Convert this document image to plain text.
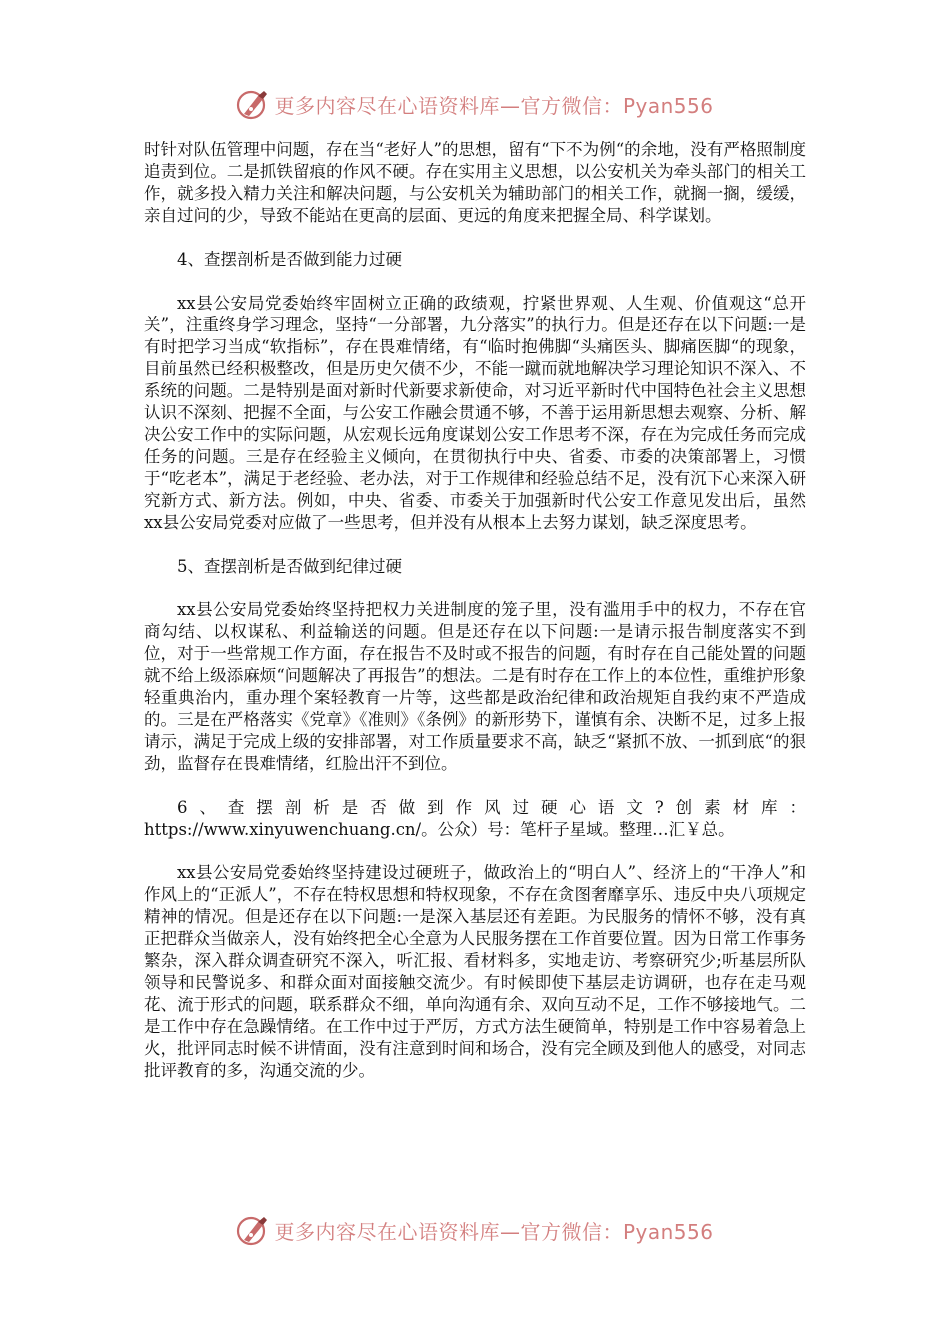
更多内容尽在心语资料库—官方微信：Pyan556

时针对队伍管理中问题，存在当“老好人”的思想，留有“下不为例“的余地，没有严格照制度追责到位。二是抓铁留痕的作风不硬。存在实用主义思想，以公安机关为牵头部门的相关工作，就多投入精力关注和解决问题，与公安机关为辅助部门的相关工作，就搁一搁，缓缓，亲自过问的少，导致不能站在更高的层面、更远的角度来把握全局、科学谋划。

4、查摆剖析是否做到能力过硬

xx县公安局党委始终牢固树立正确的政绩观，拧紧世界观、人生观、价值观这“总开关”，注重终身学习理念，坚持“一分部署，九分落实”的执行力。但是还存在以下问题:一是有时把学习当成“软指标”，存在畏难情绪，有“临时抱佛脚“头痛医头、脚痛医脚“的现象，目前虽然已经积极整改，但是历史欠债不少，不能一蹴而就地解决学习理论知识不深入、不系统的问题。二是特别是面对新时代新要求新使命，对习近平新时代中国特色社会主义思想认识不深刻、把握不全面，与公安工作融会贯通不够，不善于运用新思想去观察、分析、解决公安工作中的实际问题，从宏观长远角度谋划公安工作思考不深，存在为完成任务而完成任务的问题。三是存在经验主义倾向，在贯彻执行中央、省委、市委的决策部署上，习惯于“吃老本”，满足于老经验、老办法，对于工作规律和经验总结不足，没有沉下心来深入研究新方式、新方法。例如，中央、省委、市委关于加强新时代公安工作意见发出后，虽然xx县公安局党委对应做了一些思考，但并没有从根本上去努力谋划，缺乏深度思考。

5、查摆剖析是否做到纪律过硬

xx县公安局党委始终坚持把权力关进制度的笼子里，没有滥用手中的权力，不存在官商勾结、以权谋私、利益输送的问题。但是还存在以下问题:一是请示报告制度落实不到位，对于一些常规工作方面，存在报告不及时或不报告的问题，有时存在自己能处置的问题就不给上级添麻烦“问题解决了再报告”的想法。二是有时存在工作上的本位性，重维护形象轻重典治内，重办理个案轻教育一片等，这些都是政治纪律和政治规矩自我约束不严造成的。三是在严格落实《党章》《准则》《条例》的新形势下，谨慎有余、决断不足，过多上报请示，满足于完成上级的安排部署，对工作质量要求不高，缺乏“紧抓不放、一抓到底“的狠劲，监督存在畏难情绪，红脸出汗不到位。

6、查摆剖析是否做到作风过硬心语文?创素材库：https://www.xinyuwenchuang.cn/。公众）号：笔杆子星域。整理…汇￥总。

xx县公安局党委始终坚持建设过硬班子，做政治上的“明白人”、经济上的“干净人”和作风上的“正派人”，不存在特权思想和特权现象，不存在贪图奢靡享乐、违反中央八项规定精神的情况。但是还存在以下问题:一是深入基层还有差距。为民服务的情怀不够，没有真正把群众当做亲人，没有始终把全心全意为人民服务摆在工作首要位置。因为日常工作事务繁杂，深入群众调查研究不深入，听汇报、看材料多，实地走访、考察研究少;听基层所队领导和民警说多、和群众面对面接触交流少。有时候即使下基层走访调研，也存在走马观花、流于形式的问题，联系群众不细，单向沟通有余、双向互动不足，工作不够接地气。二是工作中存在急躁情绪。在工作中过于严厉，方式方法生硬简单，特别是工作中容易着急上火，批评同志时候不讲情面，没有注意到时间和场合，没有完全顾及到他人的感受，对同志批评教育的多，沟通交流的少。

更多内容尽在心语资料库—官方微信：Pyan556
